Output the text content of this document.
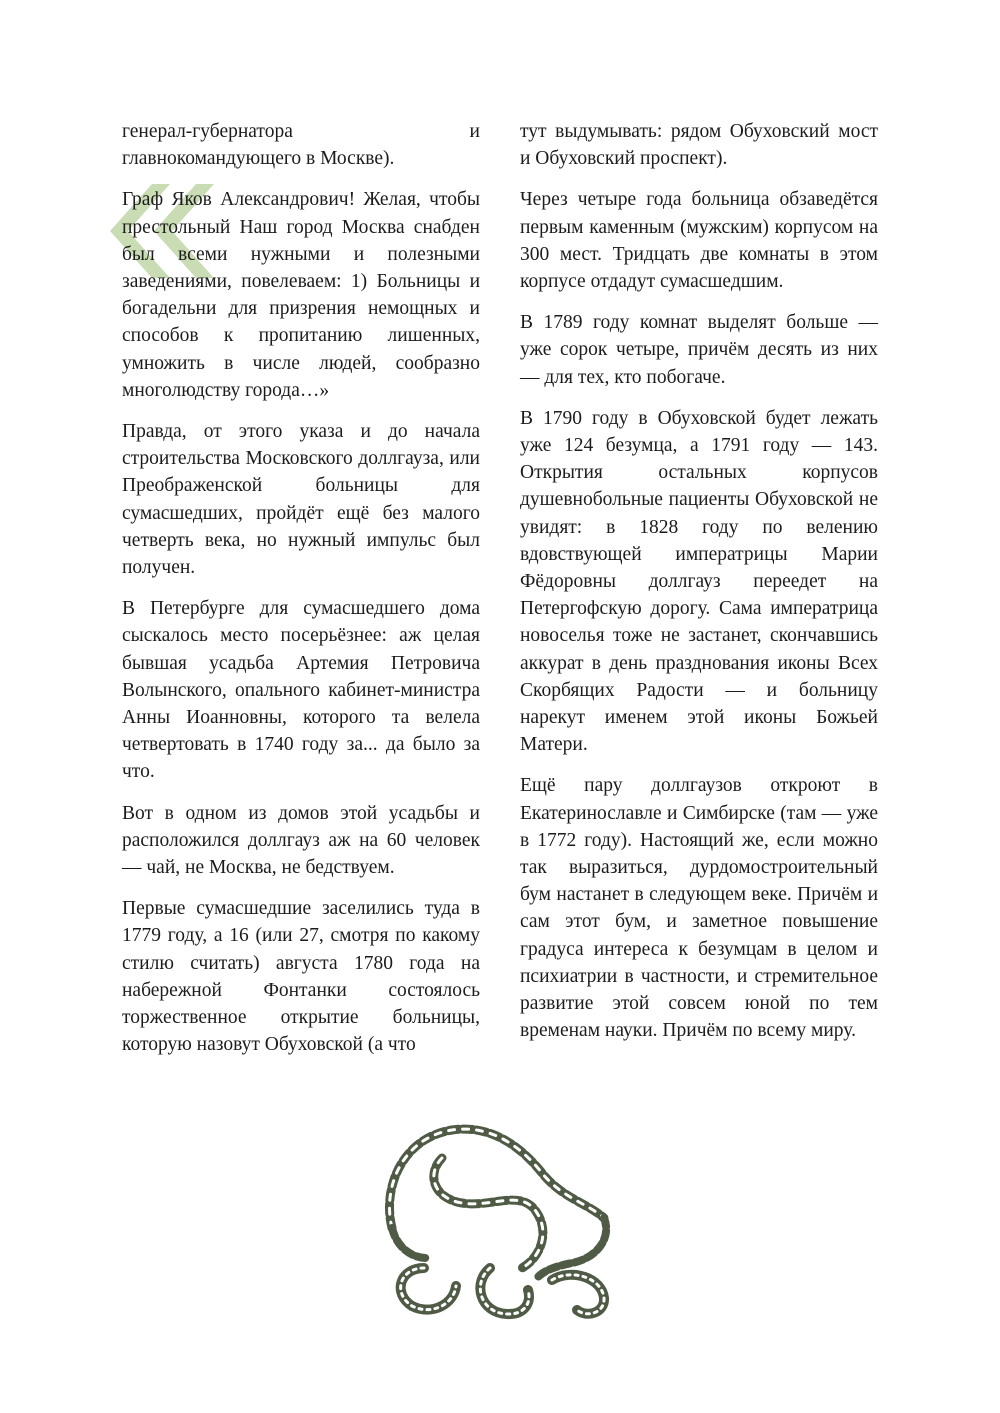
генерал-губернатора и главнокомандующего в Москве).

Граф Яков Александрович! Желая, чтобы престольный Наш город Москва снабден был всеми нужными и полезными заведениями, повелеваем: 1) Больницы и богадельни для призрения немощных и способов к пропитанию лишенных, умножить в числе людей, сообразно многолюдству города…»

Правда, от этого указа и до начала строительства Московского доллгауза, или Преображенской больницы для сумасшедших, пройдёт ещё без малого четверть века, но нужный импульс был получен.

В Петербурге для сумасшедшего дома сыскалось место посерьёзнее: аж целая бывшая усадьба Артемия Петровича Волынского, опального кабинет-министра Анны Иоанновны, которого та велела четвертовать в 1740 году за... да было за что.

Вот в одном из домов этой усадьбы и расположился доллгауз аж на 60 человек — чай, не Москва, не бедствуем.

Первые сумасшедшие заселились туда в 1779 году, а 16 (или 27, смотря по какому стилю считать) августа 1780 года на набережной Фонтанки состоялось торжественное открытие больницы, которую назовут Обуховской (а что

тут выдумывать: рядом Обуховский мост и Обуховский проспект).

Через четыре года больница обзаведётся первым каменным (мужским) корпусом на 300 мест. Тридцать две комнаты в этом корпусе отдадут сумасшедшим.

В 1789 году комнат выделят больше — уже сорок четыре, причём десять из них — для тех, кто побогаче.

В 1790 году в Обуховской будет лежать уже 124 безумца, а 1791 году — 143. Открытия остальных корпусов душевнобольные пациенты Обуховской не увидят: в 1828 году по велению вдовствующей императрицы Марии Фёдоровны доллгауз переедет на Петергофскую дорогу. Сама императрица новоселья тоже не застанет, скончавшись аккурат в день празднования иконы Всех Скорбящих Радости — и больницу нарекут именем этой иконы Божьей Матери.

Ещё пару доллгаузов откроют в Екатеринославле и Симбирске (там — уже в 1772 году). Настоящий же, если можно так выразиться, дурдомостроительный бум настанет в следующем веке. Причём и сам этот бум, и заметное повышение градуса интереса к безумцам в целом и психиатрии в частности, и стремительное развитие этой совсем юной по тем временам науки. Причём по всему миру.
